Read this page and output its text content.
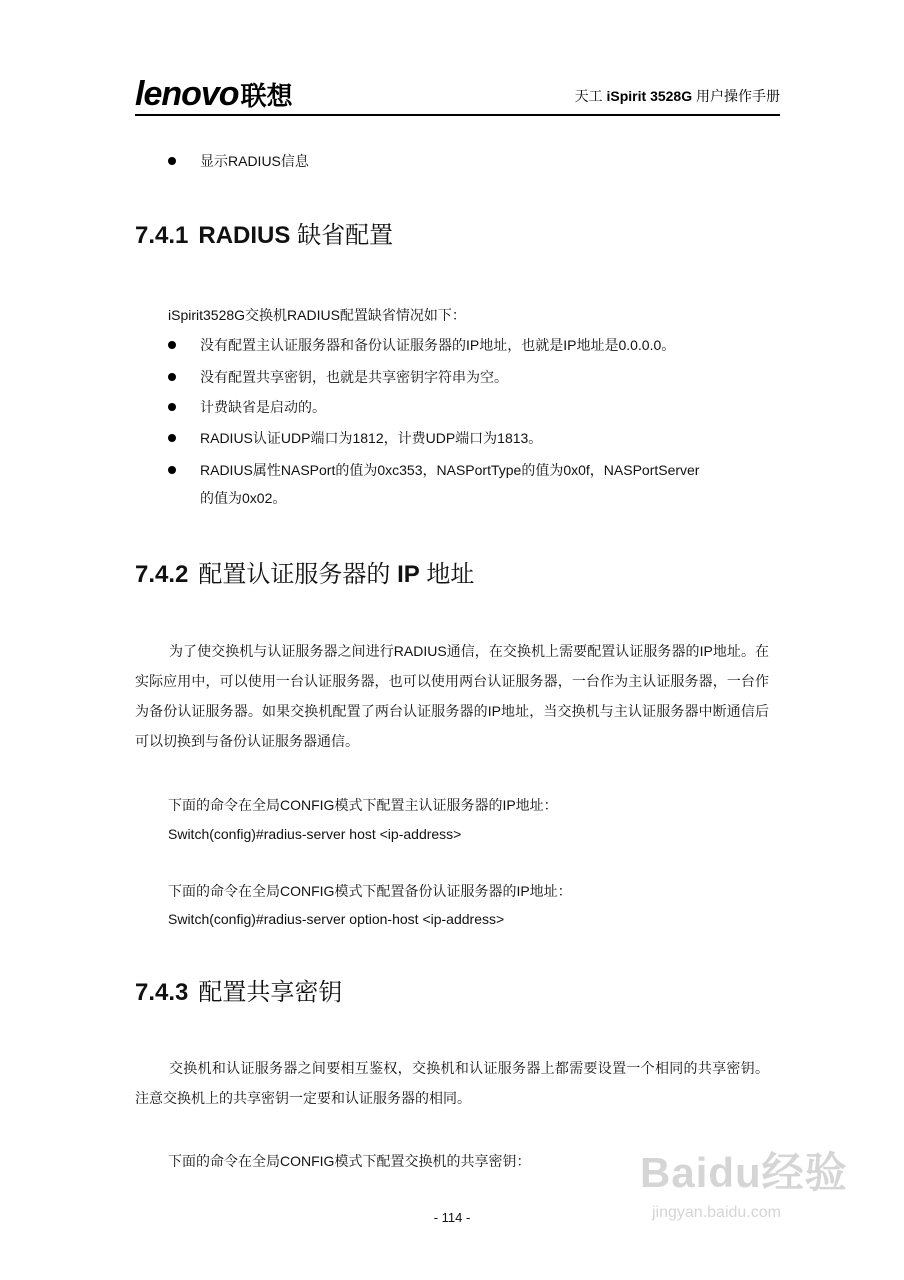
lenovo联想	天工 iSpirit 3528G 用户操作手册
显示RADIUS信息
7.4.1 RADIUS 缺省配置
iSpirit3528G交换机RADIUS配置缺省情况如下：
没有配置主认证服务器和备份认证服务器的IP地址，也就是IP地址是0.0.0.0。
没有配置共享密钥，也就是共享密钥字符串为空。
计费缺省是启动的。
RADIUS认证UDP端口为1812，计费UDP端口为1813。
RADIUS属性NASPort的值为0xc353，NASPortType的值为0x0f，NASPortServer
的值为0x02。
7.4.2 配置认证服务器的 IP 地址
为了使交换机与认证服务器之间进行RADIUS通信，在交换机上需要配置认证服务器的IP地址。在实际应用中，可以使用一台认证服务器，也可以使用两台认证服务器，一台作为主认证服务器，一台作为备份认证服务器。如果交换机配置了两台认证服务器的IP地址，当交换机与主认证服务器中断通信后可以切换到与备份认证服务器通信。
下面的命令在全局CONFIG模式下配置主认证服务器的IP地址：
Switch(config)#radius-server host <ip-address>
下面的命令在全局CONFIG模式下配置备份认证服务器的IP地址：
Switch(config)#radius-server option-host <ip-address>
7.4.3 配置共享密钥
交换机和认证服务器之间要相互鉴权，交换机和认证服务器上都需要设置一个相同的共享密钥。注意交换机上的共享密钥一定要和认证服务器的相同。
下面的命令在全局CONFIG模式下配置交换机的共享密钥：
- 114 -
Baidu经验
jingyan.baidu.com
